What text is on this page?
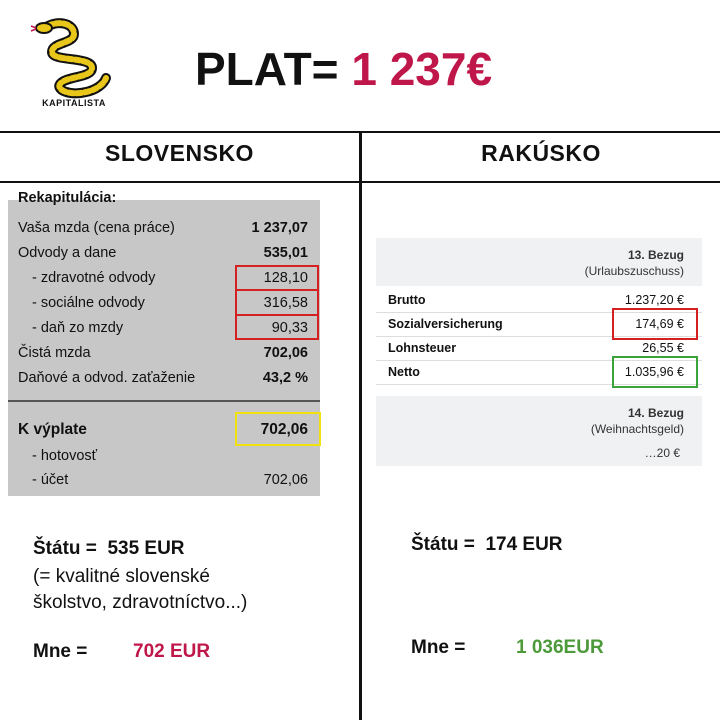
KAPITALISTA
PLAT= 1 237€
SLOVENSKO	RAKÚSKO
Rekapitulácia:
Vaša mzda (cena práce)	1 237,07
Odvody a dane	535,01
- zdravotné odvody	128,10
- sociálne odvody	316,58
- daň zo mzdy	90,33
Čistá mzda	702,06
Daňové a odvod. zaťaženie	43,2 %
K výplate	702,06
- hotovosť
- účet	702,06
13. Bezug
(Urlaubszuschuss)
Brutto	1.237,20 €
Sozialversicherung	174,69 €
Lohnsteuer	26,55 €
Netto	1.035,96 €
14. Bezug
(Weihnachtsgeld)
…20 €
Štátu = 535 EUR
(= kvalitné slovenské
školstvo, zdravotníctvo...)
Mne = 702 EUR
Štátu = 174 EUR
Mne =	1 036EUR
